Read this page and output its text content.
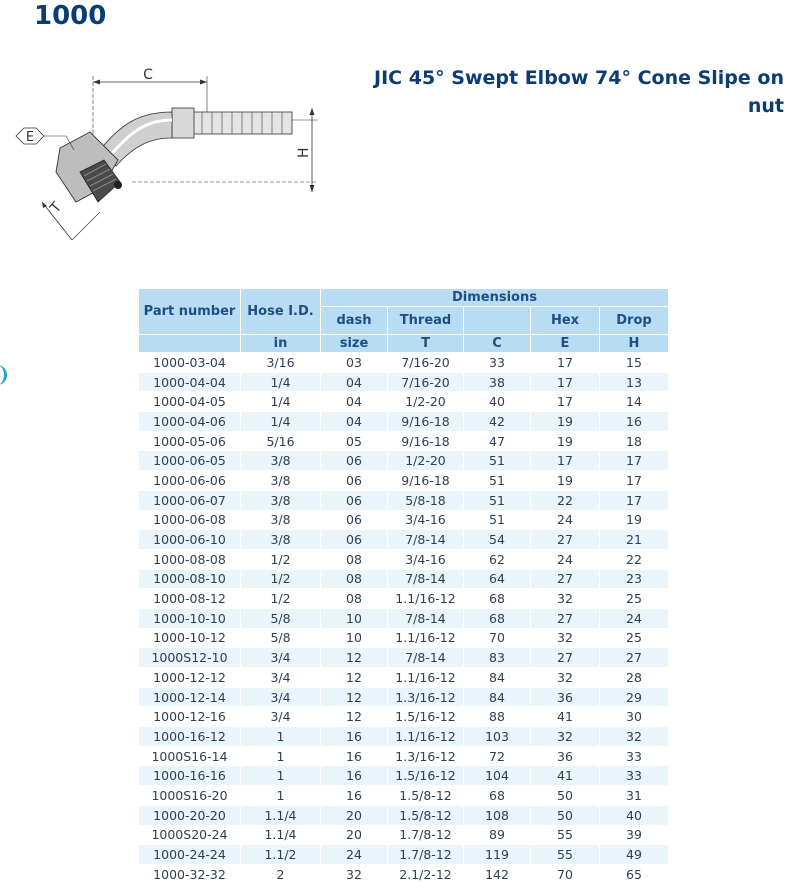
1000
JIC 45° Swept Elbow 74° Cone Slipe on nut
C
H
E
T
Part number	Hose I.D.	Dimensions				
		dash	Thread		Hex	Drop
	in	size	T	C	E	H
1000-03-04	3/16	03	7/16-20	33	17	15
1000-04-04	1/4	04	7/16-20	38	17	13
1000-04-05	1/4	04	1/2-20	40	17	14
1000-04-06	1/4	04	9/16-18	42	19	16
1000-05-06	5/16	05	9/16-18	47	19	18
1000-06-05	3/8	06	1/2-20	51	17	17
1000-06-06	3/8	06	9/16-18	51	19	17
1000-06-07	3/8	06	5/8-18	51	22	17
1000-06-08	3/8	06	3/4-16	51	24	19
1000-06-10	3/8	06	7/8-14	54	27	21
1000-08-08	1/2	08	3/4-16	62	24	22
1000-08-10	1/2	08	7/8-14	64	27	23
1000-08-12	1/2	08	1.1/16-12	68	32	25
1000-10-10	5/8	10	7/8-14	68	27	24
1000-10-12	5/8	10	1.1/16-12	70	32	25
1000S12-10	3/4	12	7/8-14	83	27	27
1000-12-12	3/4	12	1.1/16-12	84	32	28
1000-12-14	3/4	12	1.3/16-12	84	36	29
1000-12-16	3/4	12	1.5/16-12	88	41	30
1000-16-12	1	16	1.1/16-12	103	32	32
1000S16-14	1	16	1.3/16-12	72	36	33
1000-16-16	1	16	1.5/16-12	104	41	33
1000S16-20	1	16	1.5/8-12	68	50	31
1000-20-20	1.1/4	20	1.5/8-12	108	50	40
1000S20-24	1.1/4	20	1.7/8-12	89	55	39
1000-24-24	1.1/2	24	1.7/8-12	119	55	49
1000-32-32	2	32	2.1/2-12	142	70	65
